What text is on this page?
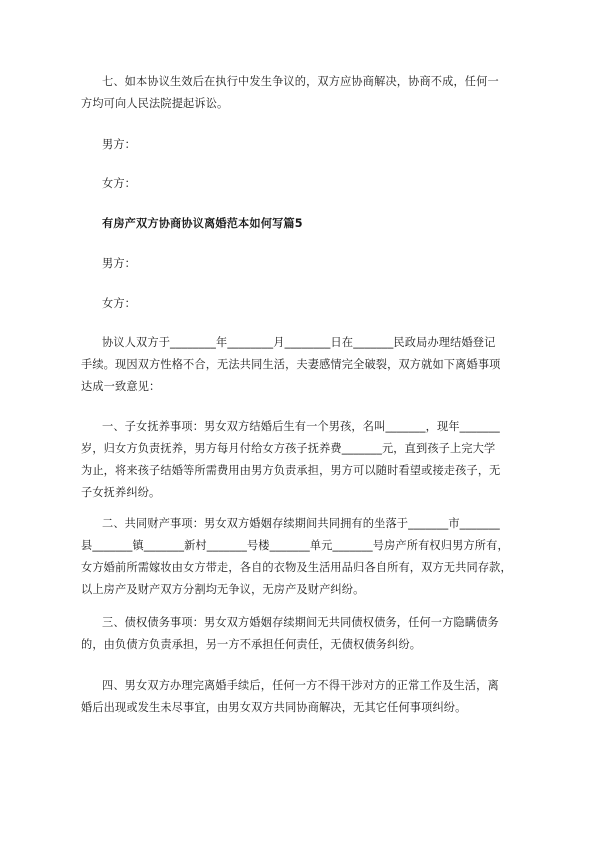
七、如本协议生效后在执行中发生争议的，双方应协商解决，协商不成，任何一
方均可向人民法院提起诉讼。
男方：
女方：
有房产双方协商协议离婚范本如何写篇5
男方：
女方：
协议人双方于________年________月________日在_______民政局办理结婚登记
手续。现因双方性格不合，无法共同生活，夫妻感情完全破裂，双方就如下离婚事项
达成一致意见：
一、子女抚养事项：男女双方结婚后生有一个男孩，名叫_______，现年_______
岁，归女方负责抚养，男方每月付给女方孩子抚养费_______元，直到孩子上完大学
为止，将来孩子结婚等所需费用由男方负责承担，男方可以随时看望或接走孩子，无
子女抚养纠纷。
二、共同财产事项：男女双方婚姻存续期间共同拥有的坐落于_______市_______
县_______镇_______新村_______号楼_______单元_______号房产所有权归男方所有，
女方婚前所需嫁妆由女方带走，各自的衣物及生活用品归各自所有，双方无共同存款，
以上房产及财产双方分割均无争议，无房产及财产纠纷。
三、债权债务事项：男女双方婚姻存续期间无共同债权债务，任何一方隐瞒债务
的，由负债方负责承担，另一方不承担任何责任，无债权债务纠纷。
四、男女双方办理完离婚手续后，任何一方不得干涉对方的正常工作及生活，离
婚后出现或发生未尽事宜，由男女双方共同协商解决，无其它任何事项纠纷。
